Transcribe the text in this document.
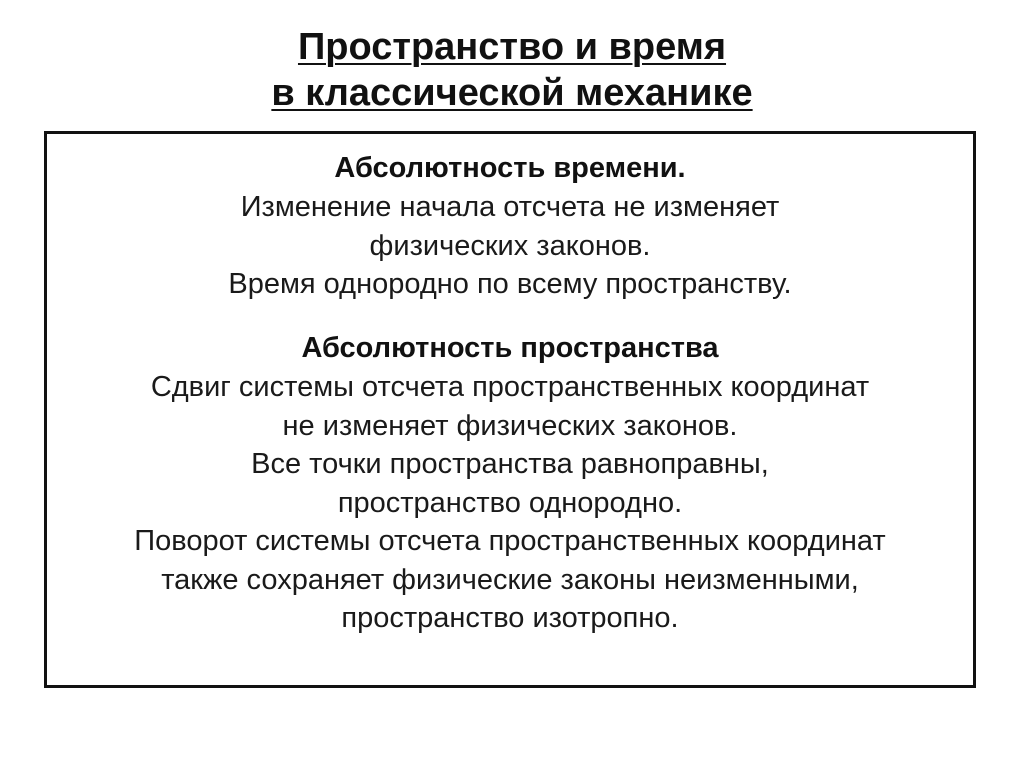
Пространство и время
в классической механике
Абсолютность времени.
Изменение начала отсчета не изменяет
физических законов.
Время однородно по всему пространству.
Абсолютность пространства
Сдвиг системы отсчета пространственных координат
не изменяет физических законов.
Все точки пространства равноправны,
пространство однородно.
Поворот системы отсчета пространственных координат
также сохраняет физические законы неизменными,
пространство изотропно.
